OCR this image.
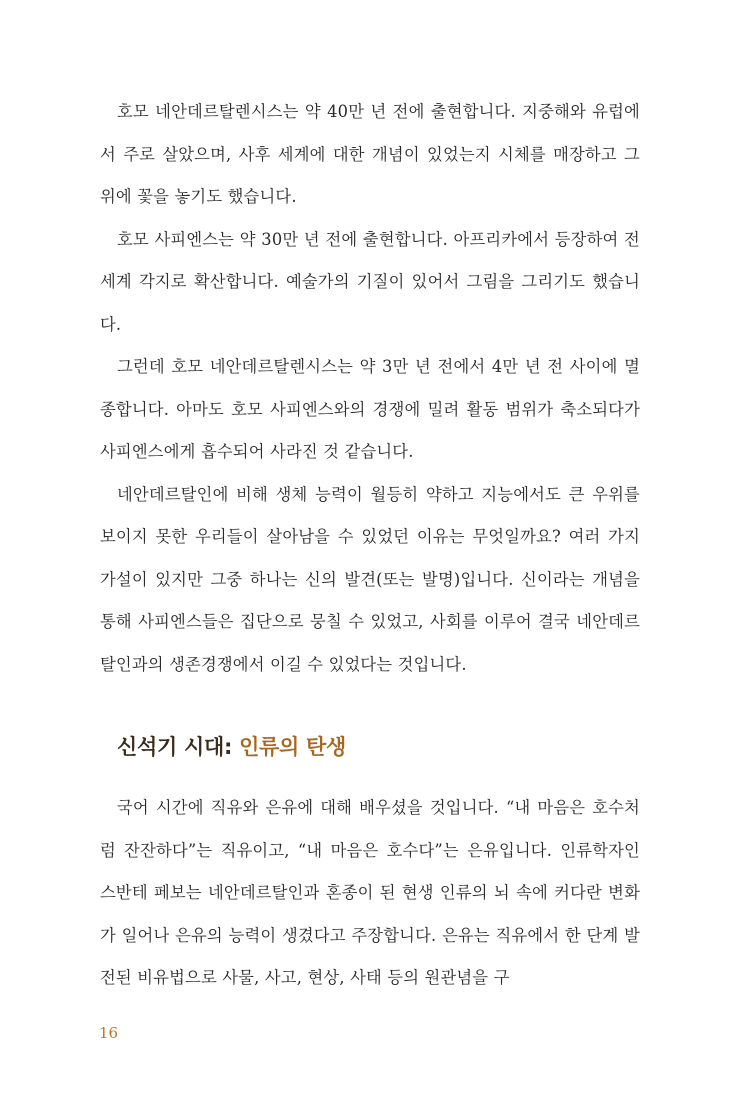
호모 네안데르탈렌시스는 약 40만 년 전에 출현합니다. 지중해와 유럽에서 주로 살았으며, 사후 세계에 대한 개념이 있었는지 시체를 매장하고 그 위에 꽃을 놓기도 했습니다.

호모 사피엔스는 약 30만 년 전에 출현합니다. 아프리카에서 등장하여 전 세계 각지로 확산합니다. 예술가의 기질이 있어서 그림을 그리기도 했습니다.

그런데 호모 네안데르탈렌시스는 약 3만 년 전에서 4만 년 전 사이에 멸종합니다. 아마도 호모 사피엔스와의 경쟁에 밀려 활동 범위가 축소되다가 사피엔스에게 흡수되어 사라진 것 같습니다.

네안데르탈인에 비해 생체 능력이 월등히 약하고 지능에서도 큰 우위를 보이지 못한 우리들이 살아남을 수 있었던 이유는 무엇일까요? 여러 가지 가설이 있지만 그중 하나는 신의 발견(또는 발명)입니다. 신이라는 개념을 통해 사피엔스들은 집단으로 뭉칠 수 있었고, 사회를 이루어 결국 네안데르탈인과의 생존경쟁에서 이길 수 있었다는 것입니다.

신석기 시대: 인류의 탄생

국어 시간에 직유와 은유에 대해 배우셨을 것입니다. “내 마음은 호수처럼 잔잔하다”는 직유이고, “내 마음은 호수다”는 은유입니다. 인류학자인 스반테 페보는 네안데르탈인과 혼종이 된 현생 인류의 뇌 속에 커다란 변화가 일어나 은유의 능력이 생겼다고 주장합니다. 은유는 직유에서 한 단계 발전된 비유법으로 사물, 사고, 현상, 사태 등의 원관념을 구

16
